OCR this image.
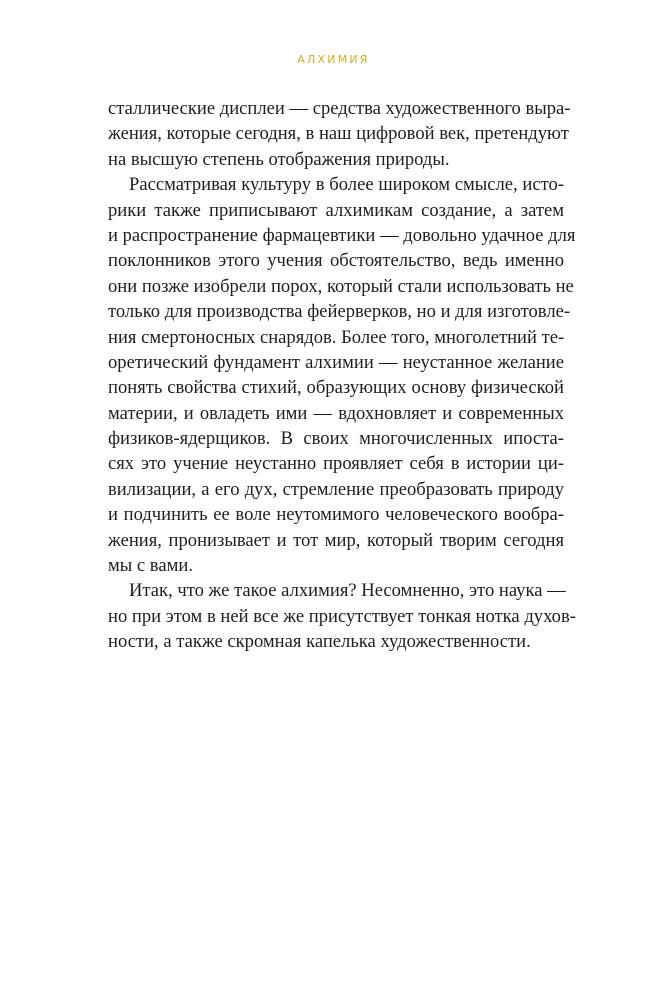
АЛХИМИЯ
сталлические дисплеи — средства художественного выра-
жения, которые сегодня, в наш цифровой век, претендуют
на высшую степень отображения природы.
Рассматривая культуру в более широком смысле, исто-
рики также приписывают алхимикам создание, а затем
и распространение фармацевтики — довольно удачное для
поклонников этого учения обстоятельство, ведь именно
они позже изобрели порох, который стали использовать не
только для производства фейерверков, но и для изготовле-
ния смертоносных снарядов. Более того, многолетний те-
оретический фундамент алхимии — неустанное желание
понять свойства стихий, образующих основу физической
материи, и овладеть ими — вдохновляет и современных
физиков-ядерщиков. В своих многочисленных ипоста-
сях это учение неустанно проявляет себя в истории ци-
вилизации, а его дух, стремление преобразовать природу
и подчинить ее воле неутомимого человеческого вообра-
жения, пронизывает и тот мир, который творим сегодня
мы с вами.
Итак, что же такое алхимия? Несомненно, это наука —
но при этом в ней все же присутствует тонкая нотка духов-
ности, а также скромная капелька художественности.
